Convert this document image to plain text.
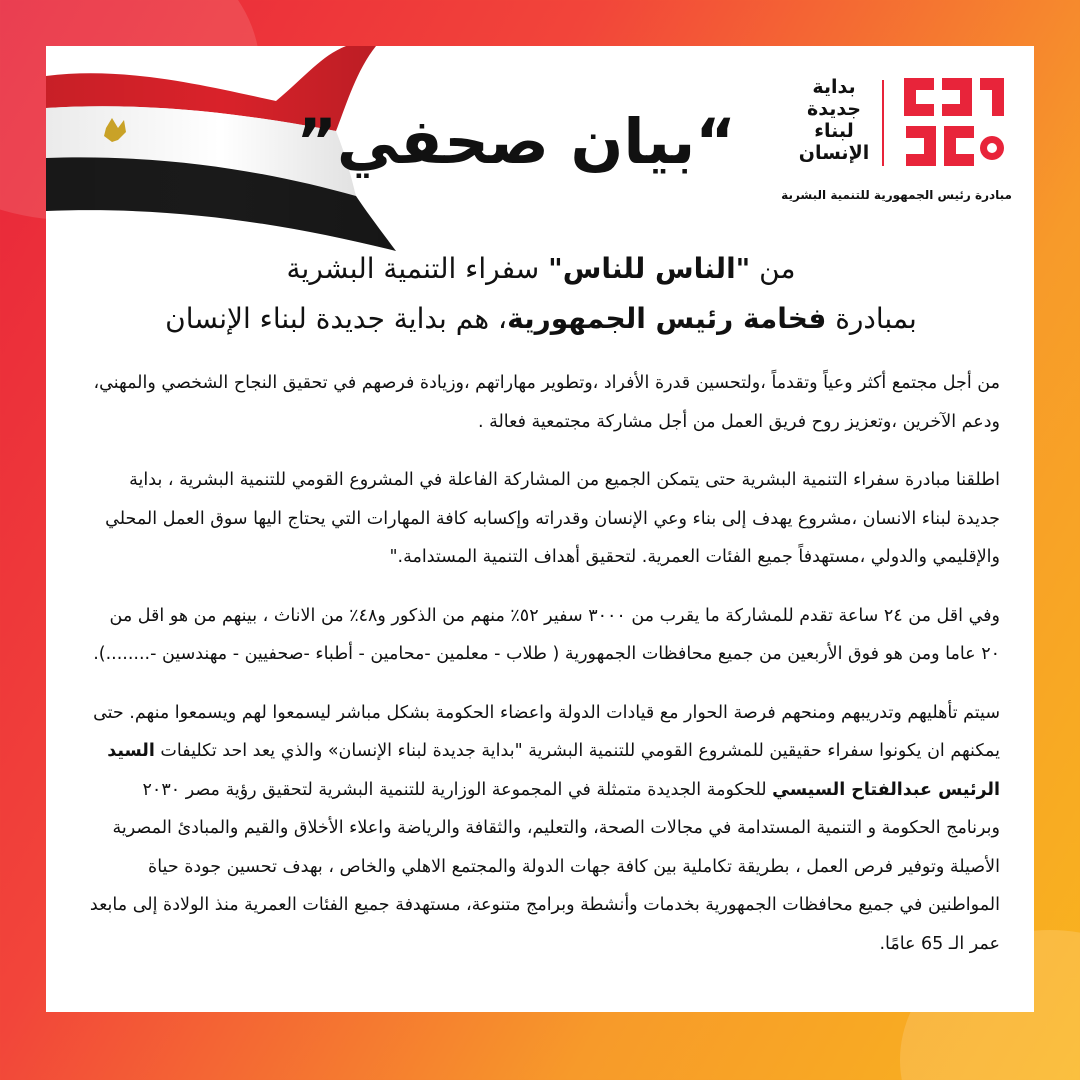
“بيان صحفي”
بداية
جديدة
لبناء
الإنسان
مبادرة رئيس الجمهورية للتنمية البشرية
من "الناس للناس" سفراء التنمية البشرية
بمبادرة فخامة رئيس الجمهورية، هم بداية جديدة لبناء الإنسان

من أجل مجتمع أكثر وعياً وتقدماً ،ولتحسين قدرة الأفراد ،وتطوير مهاراتهم ،وزيادة فرصهم في تحقيق النجاح الشخصي والمهني، ودعم الآخرين ،وتعزيز روح فريق العمل من أجل مشاركة مجتمعية فعالة .

اطلقنا مبادرة سفراء التنمية البشرية حتى يتمكن الجميع من المشاركة الفاعلة في المشروع القومي للتنمية البشرية ، بداية جديدة لبناء الانسان ،مشروع يهدف إلى بناء وعي الإنسان وقدراته وإكسابه كافة المهارات التي يحتاج اليها سوق العمل المحلي والإقليمي والدولي ،مستهدفاً جميع الفئات العمرية. لتحقيق أهداف التنمية المستدامة."

وفي اقل من ٢٤ ساعة تقدم للمشاركة ما يقرب من ٣٠٠٠ سفير ٥٢٪ منهم من الذكور و٤٨٪ من الاناث ، بينهم من هو اقل من ٢٠ عاما ومن هو فوق الأربعين من جميع محافظات الجمهورية ( طلاب - معلمين -محامين - أطباء -صحفيين - مهندسين -........).

سيتم تأهليهم وتدريبهم ومنحهم فرصة الحوار مع قيادات الدولة واعضاء الحكومة بشكل مباشر ليسمعوا لهم ويسمعوا منهم. حتى يمكنهم ان يكونوا سفراء حقيقين للمشروع القومي للتنمية البشرية "بداية جديدة لبناء الإنسان» والذي يعد احد تكليفات السيد الرئيس عبدالفتاح السيسي للحكومة الجديدة متمثلة في المجموعة الوزارية للتنمية البشرية لتحقيق رؤية مصر ٢٠٣٠ وبرنامج الحكومة و التنمية المستدامة في مجالات الصحة، والتعليم، والثقافة والرياضة واعلاء الأخلاق والقيم والمبادئ المصرية الأصيلة وتوفير فرص العمل ، بطريقة تكاملية بين كافة جهات الدولة والمجتمع الاهلي والخاص ، بهدف تحسين جودة حياة المواطنين في جميع محافظات الجمهورية بخدمات وأنشطة وبرامج متنوعة، مستهدفة جميع الفئات العمرية منذ الولادة إلى مابعد عمر الـ 65 عامًا.
